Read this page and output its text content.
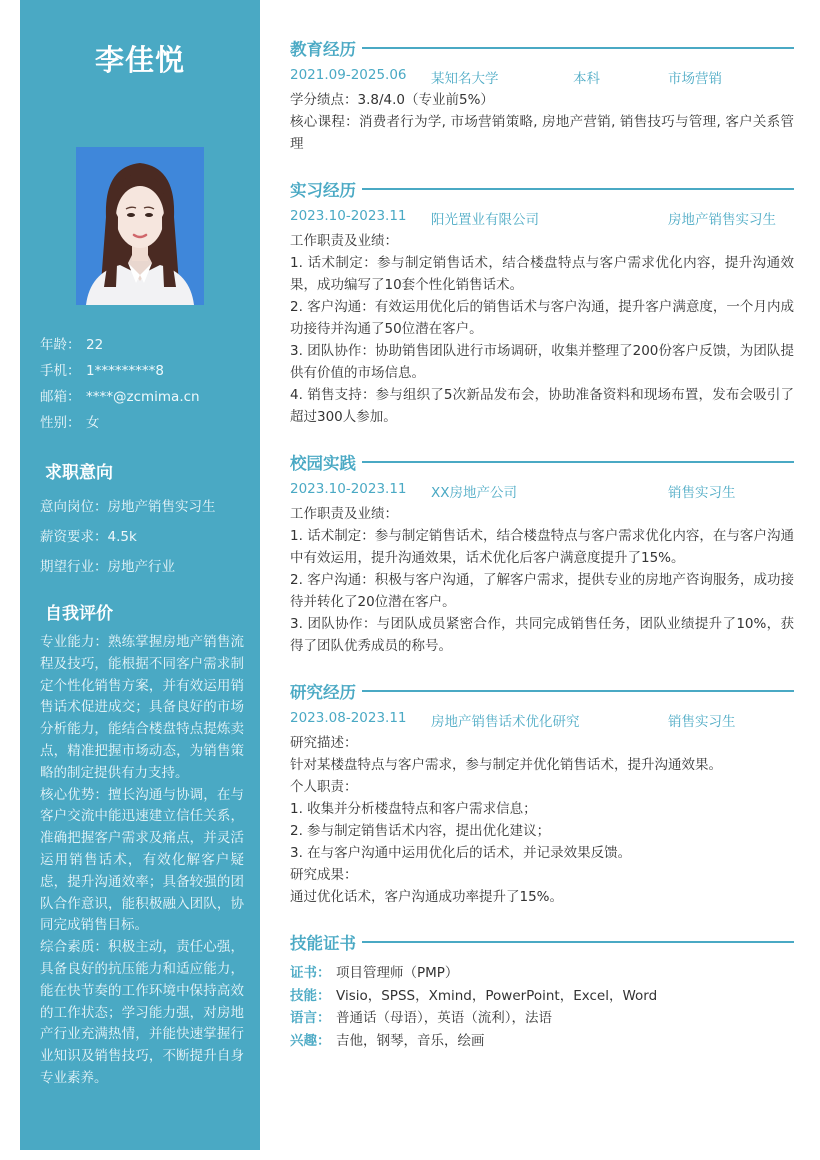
李佳悦
年龄： 22
手机： 1*********8
邮箱： ****@zcmima.cn
性别： 女
求职意向
意向岗位：房地产销售实习生
薪资要求：4.5k
期望行业：房地产行业
自我评价

专业能力：熟练掌握房地产销售流程及技巧，能根据不同客户需求制定个性化销售方案，并有效运用销售话术促进成交；具备良好的市场分析能力，能结合楼盘特点提炼卖点，精准把握市场动态，为销售策略的制定提供有力支持。

核心优势：擅长沟通与协调，在与客户交流中能迅速建立信任关系，准确把握客户需求及痛点，并灵活运用销售话术，有效化解客户疑虑，提升沟通效率；具备较强的团队合作意识，能积极融入团队，协同完成销售目标。

综合素质：积极主动，责任心强，具备良好的抗压能力和适应能力，能在快节奏的工作环境中保持高效的工作状态；学习能力强，对房地产行业充满热情，并能快速掌握行业知识及销售技巧，不断提升自身专业素养。

教育经历
2021.09-2025.06 某知名大学	本科	市场营销
学分绩点：3.8/4.0（专业前5%）
核心课程：消费者行为学, 市场营销策略, 房地产营销, 销售技巧与管理, 客户关系管理
实习经历
2023.10-2023.11 阳光置业有限公司	房地产销售实习生
工作职责及业绩：
1. 话术制定：参与制定销售话术，结合楼盘特点与客户需求优化内容，提升沟通效果，成功编写了10套个性化销售话术。
2. 客户沟通：有效运用优化后的销售话术与客户沟通，提升客户满意度，一个月内成功接待并沟通了50位潜在客户。
3. 团队协作：协助销售团队进行市场调研，收集并整理了200份客户反馈，为团队提供有价值的市场信息。
4. 销售支持：参与组织了5次新品发布会，协助准备资料和现场布置，发布会吸引了超过300人参加。
校园实践
2023.10-2023.11 XX房地产公司	销售实习生
工作职责及业绩：
1. 话术制定：参与制定销售话术，结合楼盘特点与客户需求优化内容，在与客户沟通中有效运用，提升沟通效果，话术优化后客户满意度提升了15%。
2. 客户沟通：积极与客户沟通，了解客户需求，提供专业的房地产咨询服务，成功接待并转化了20位潜在客户。
3. 团队协作：与团队成员紧密合作，共同完成销售任务，团队业绩提升了10%，获得了团队优秀成员的称号。
研究经历
2023.08-2023.11 房地产销售话术优化研究	销售实习生
研究描述：
针对某楼盘特点与客户需求，参与制定并优化销售话术，提升沟通效果。
个人职责：
1. 收集并分析楼盘特点和客户需求信息；
2. 参与制定销售话术内容，提出优化建议；
3. 在与客户沟通中运用优化后的话术，并记录效果反馈。
研究成果：
通过优化话术，客户沟通成功率提升了15%。
技能证书
证书： 项目管理师（PMP）
技能： Visio，SPSS，Xmind，PowerPoint，Excel，Word
语言： 普通话（母语），英语（流利），法语
兴趣： 吉他，钢琴，音乐，绘画
